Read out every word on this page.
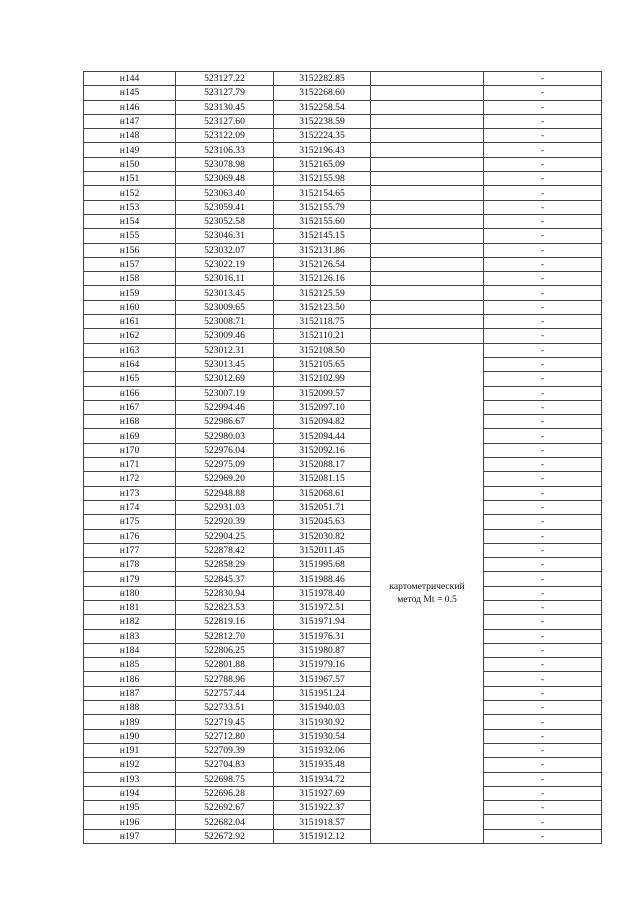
н144	523127.22	3152282.85		-
н145	523127.79	3152268.60		-
н146	523130.45	3152258.54		-
н147	523127.60	3152238.59		-
н148	523122.09	3152224.35		-
н149	523106.33	3152196.43		-
н150	523078.98	3152165.09		-
н151	523069.48	3152155.98		-
н152	523063.40	3152154.65		-
н153	523059.41	3152155.79		-
н154	523052.58	3152155.60		-
н155	523046.31	3152145.15		-
н156	523032.07	3152131.86		-
н157	523022.19	3152126.54		-
н158	523016.11	3152126.16		-
н159	523013.45	3152125.59		-
н160	523009.65	3152123.50		-
н161	523008.71	3152118.75		-
н162	523009.46	3152110.21		-
н163	523012.31	3152108.50	картометрический
метод Mt = 0.5	-
н164	523013.45	3152105.65		-
н165	523012.69	3152102.99		-
н166	523007.19	3152099.57		-
н167	522994.46	3152097.10		-
н168	522986.67	3152094.82		-
н169	522980.03	3152094.44		-
н170	522976.04	3152092.16		-
н171	522975.09	3152088.17		-
н172	522969.20	3152081.15		-
н173	522948.88	3152068.61		-
н174	522931.03	3152051.71		-
н175	522920.39	3152045.63		-
н176	522904.25	3152030.82		-
н177	522878.42	3152011.45		-
н178	522858.29	3151995.68		-
н179	522845.37	3151988.46		-
н180	522830.94	3151978.40		-
н181	522823.53	3151972.51		-
н182	522819.16	3151971.94		-
н183	522812.70	3151976.31		-
н184	522806.25	3151980.87		-
н185	522801.88	3151979.16		-
н186	522788.96	3151967.57		-
н187	522757.44	3151951.24		-
н188	522733.51	3151940.03		-
н189	522719.45	3151930.92		-
н190	522712.80	3151930.54		-
н191	522709.39	3151932.06		-
н192	522704.83	3151935.48		-
н193	522698.75	3151934.72		-
н194	522696.28	3151927.69		-
н195	522692.67	3151922.37		-
н196	522682.04	3151918.57		-
н197	522672.92	3151912.12		-
